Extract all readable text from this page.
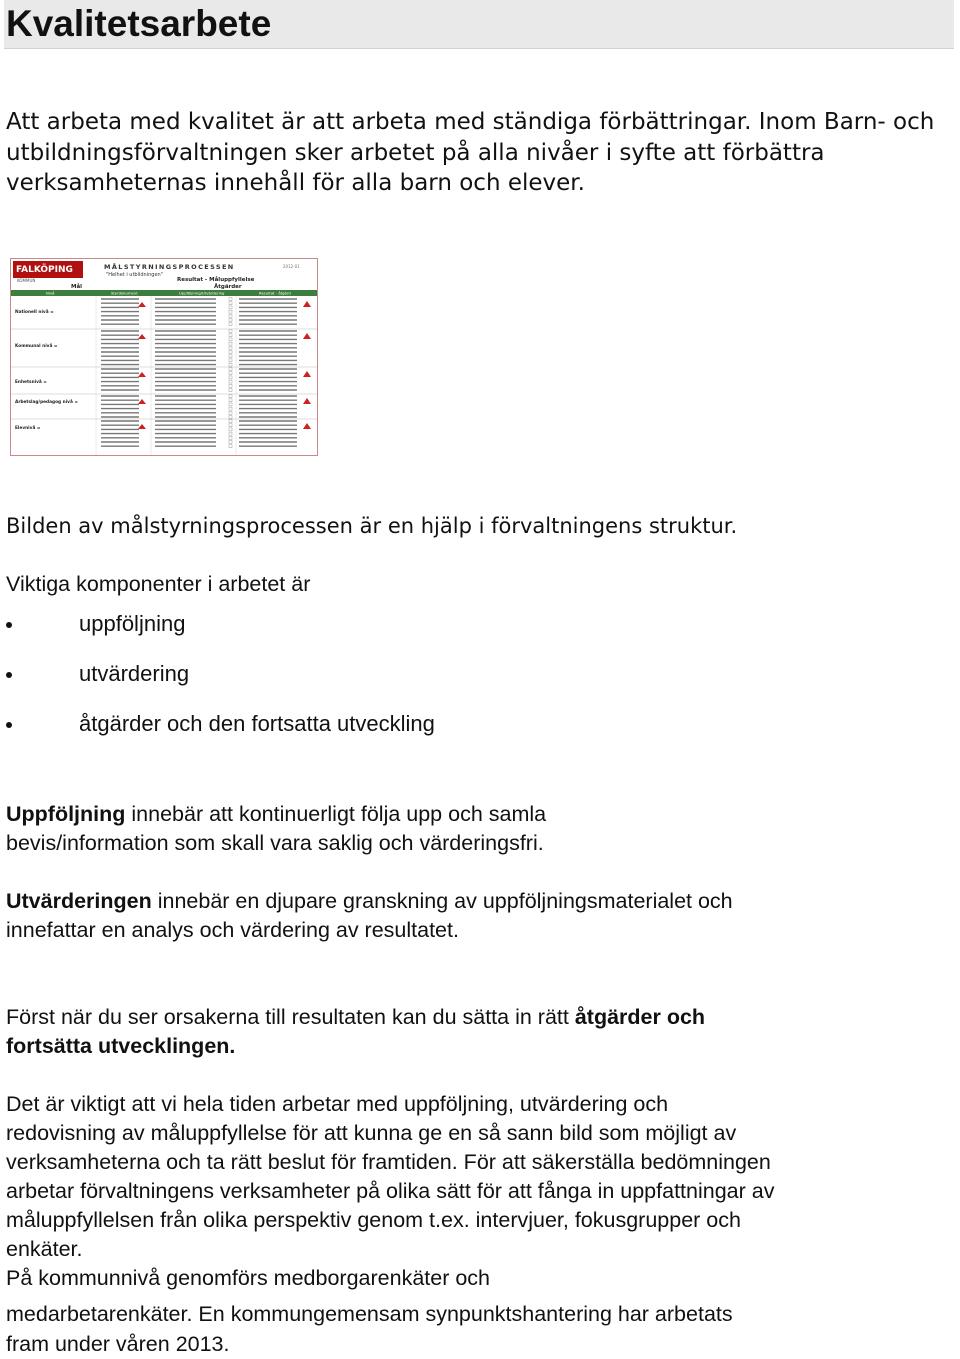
Kvalitetsarbete

Att arbeta med kvalitet är att arbeta med ständiga förbättringar. Inom Barn- och utbildningsförvaltningen sker arbetet på alla nivåer i syfte att förbättra verksamheternas innehåll för alla barn och elever.

FALKÖPING
KOMMUN
MÅLSTYRNINGSPROCESSEN	2012-01
"Helhet i utbildningen"
Mål
Resultat - Måluppfyllelse
Åtgärder
Nivå	Styrdokument	Uppföljning/Utvärdering	Resultat - åtgärd
Nationell nivå =
Kommunal nivå =
Enhetsnivå =
Arbetslag/pedagog nivå =
Elevnivå =

Bilden av målstyrningsprocessen är en hjälp i förvaltningens struktur.

Viktiga komponenter i arbetet är

uppföljning
utvärdering
åtgärder och den fortsatta utveckling

Uppföljning innebär att kontinuerligt följa upp och samla bevis/information som skall vara saklig och värderingsfri.

Utvärderingen innebär en djupare granskning av uppföljningsmaterialet och innefattar en analys och värdering av resultatet.

Först när du ser orsakerna till resultaten kan du sätta in rätt åtgärder och fortsätta utvecklingen.

Det är viktigt att vi hela tiden arbetar med uppföljning, utvärdering och redovisning av måluppfyllelse för att kunna ge en så sann bild som möjligt av verksamheterna och ta rätt beslut för framtiden. För att säkerställa bedömningen arbetar förvaltningens verksamheter på olika sätt för att fånga in uppfattningar av måluppfyllelsen från olika perspektiv genom t.ex. intervjuer, fokusgrupper och enkäter.

På kommunnivå genomförs medborgarenkäter och

medarbetarenkäter. En kommungemensam synpunktshantering har arbetats fram under våren 2013.
